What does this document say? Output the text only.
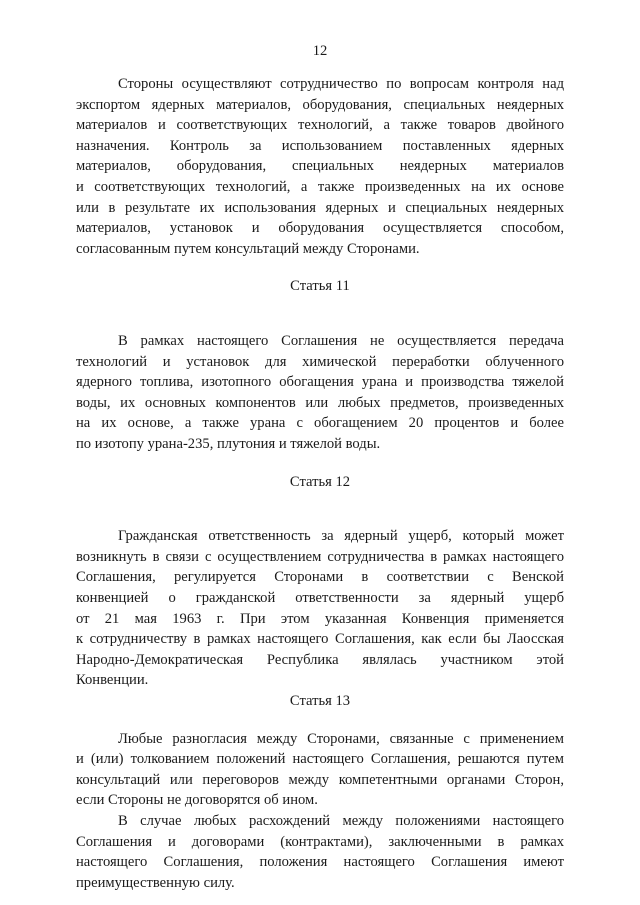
12
Стороны осуществляют сотрудничество по вопросам контроля над
экспортом ядерных материалов, оборудования, специальных неядерных
материалов и соответствующих технологий, а также товаров двойного
назначения. Контроль за использованием поставленных ядерных
материалов, оборудования, специальных неядерных материалов
и соответствующих технологий, а также произведенных на их основе
или в результате их использования ядерных и специальных неядерных
материалов, установок и оборудования осуществляется способом,
согласованным путем консультаций между Сторонами.
Статья 11
В рамках настоящего Соглашения не осуществляется передача
технологий и установок для химической переработки облученного
ядерного топлива, изотопного обогащения урана и производства тяжелой
воды, их основных компонентов или любых предметов, произведенных
на их основе, а также урана с обогащением 20 процентов и более
по изотопу урана-235, плутония и тяжелой воды.
Статья 12
Гражданская ответственность за ядерный ущерб, который может
возникнуть в связи с осуществлением сотрудничества в рамках настоящего
Соглашения, регулируется Сторонами в соответствии с Венской
конвенцией о гражданской ответственности за ядерный ущерб
от 21 мая 1963 г. При этом указанная Конвенция применяется
к сотрудничеству в рамках настоящего Соглашения, как если бы Лаосская
Народно-Демократическая Республика являлась участником этой
Конвенции.
Статья 13
Любые разногласия между Сторонами, связанные с применением
и (или) толкованием положений настоящего Соглашения, решаются путем
консультаций или переговоров между компетентными органами Сторон,
если Стороны не договорятся об ином.
В случае любых расхождений между положениями настоящего
Соглашения и договорами (контрактами), заключенными в рамках
настоящего Соглашения, положения настоящего Соглашения имеют
преимущественную силу.
